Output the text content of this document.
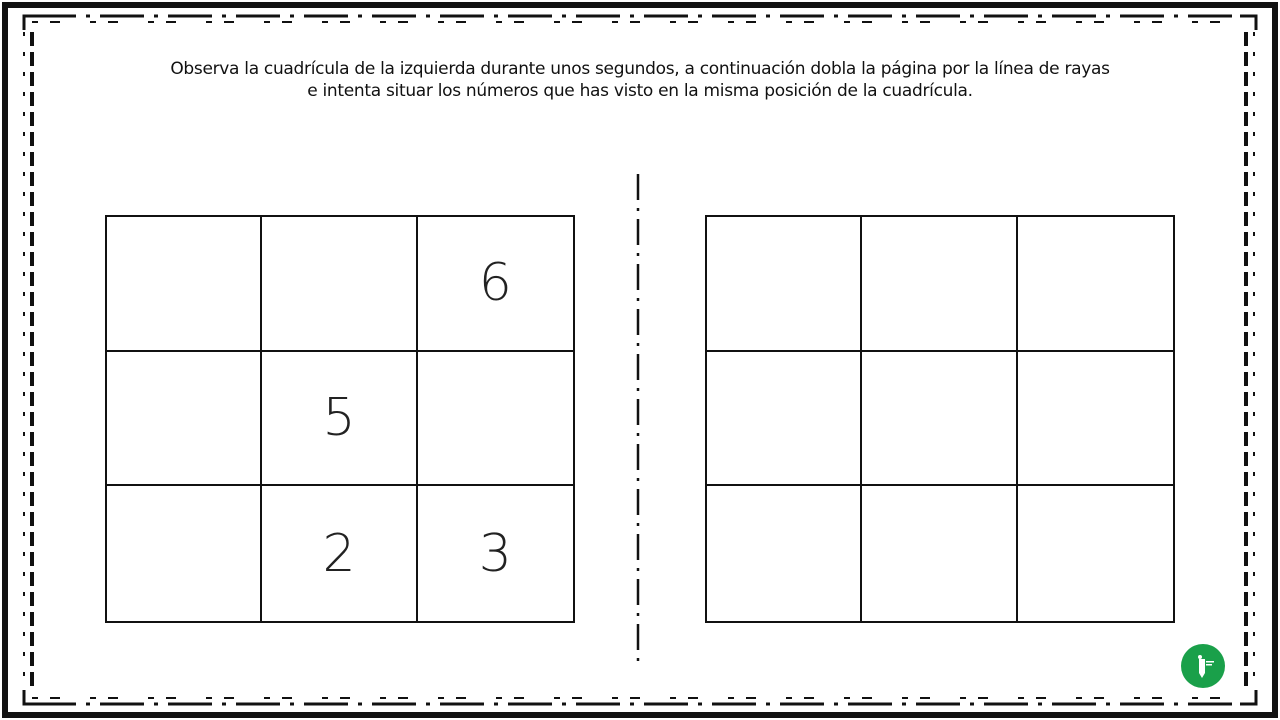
Observa la cuadrícula de la izquierda durante unos segundos, a continuación dobla la página por la línea de rayas
e intenta situar los números que has visto en la misma posición de la cuadrícula.
6
5
2	3
